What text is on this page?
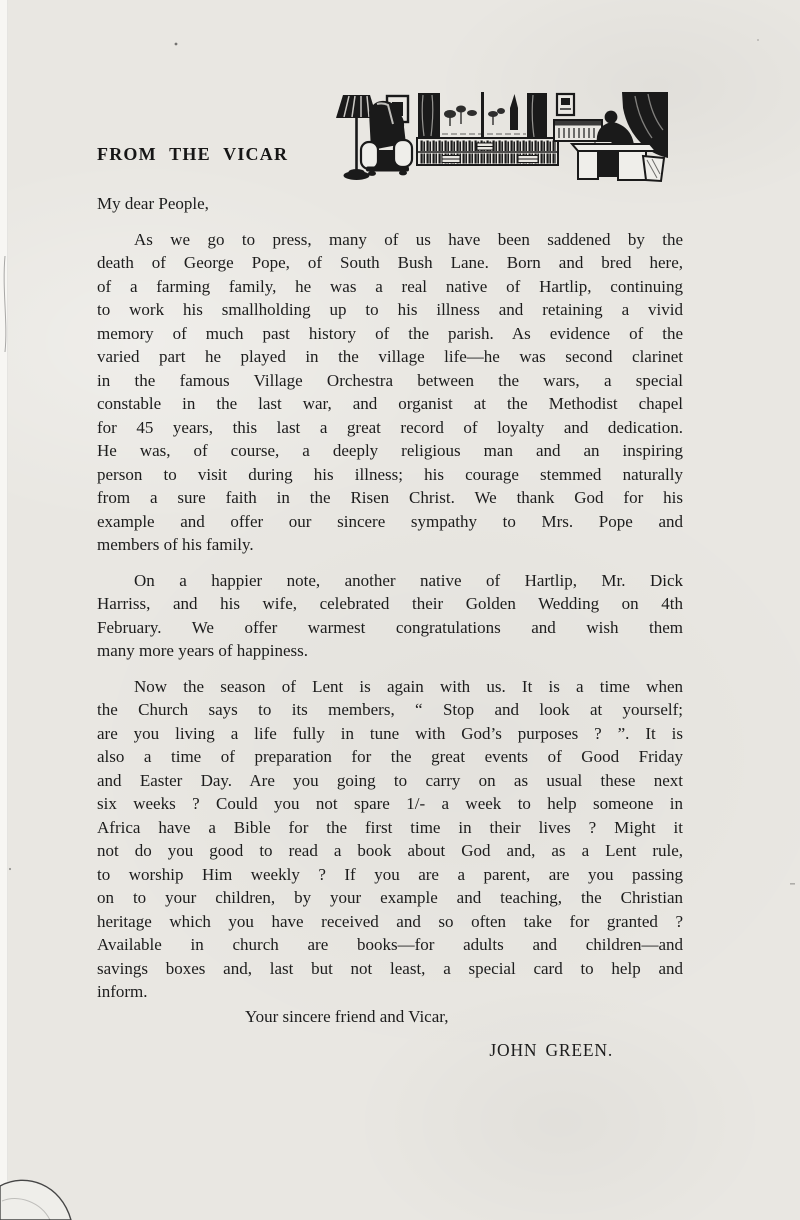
FROM THE VICAR
My dear People,
As we go to press, many of us have been saddened by the
death of George Pope, of South Bush Lane. Born and bred here,
of a farming family, he was a real native of Hartlip, continuing
to work his smallholding up to his illness and retaining a vivid
memory of much past history of the parish. As evidence of the
varied part he played in the village life—he was second clarinet
in the famous Village Orchestra between the wars, a special
constable in the last war, and organist at the Methodist chapel
for 45 years, this last a great record of loyalty and dedication.
He was, of course, a deeply religious man and an inspiring
person to visit during his illness; his courage stemmed naturally
from a sure faith in the Risen Christ. We thank God for his
example and offer our sincere sympathy to Mrs. Pope and
members of his family.
On a happier note, another native of Hartlip, Mr. Dick
Harriss, and his wife, celebrated their Golden Wedding on 4th
February. We offer warmest congratulations and wish them
many more years of happiness.
Now the season of Lent is again with us. It is a time when
the Church says to its members, “ Stop and look at yourself;
are you living a life fully in tune with God’s purposes ? ”. It is
also a time of preparation for the great events of Good Friday
and Easter Day. Are you going to carry on as usual these next
six weeks ? Could you not spare 1/- a week to help someone in
Africa have a Bible for the first time in their lives ? Might it
not do you good to read a book about God and, as a Lent rule,
to worship Him weekly ? If you are a parent, are you passing
on to your children, by your example and teaching, the Christian
heritage which you have received and so often take for granted ?
Available in church are books—for adults and children—and
savings boxes and, last but not least, a special card to help and
inform.
Your sincere friend and Vicar,
JOHN GREEN.
